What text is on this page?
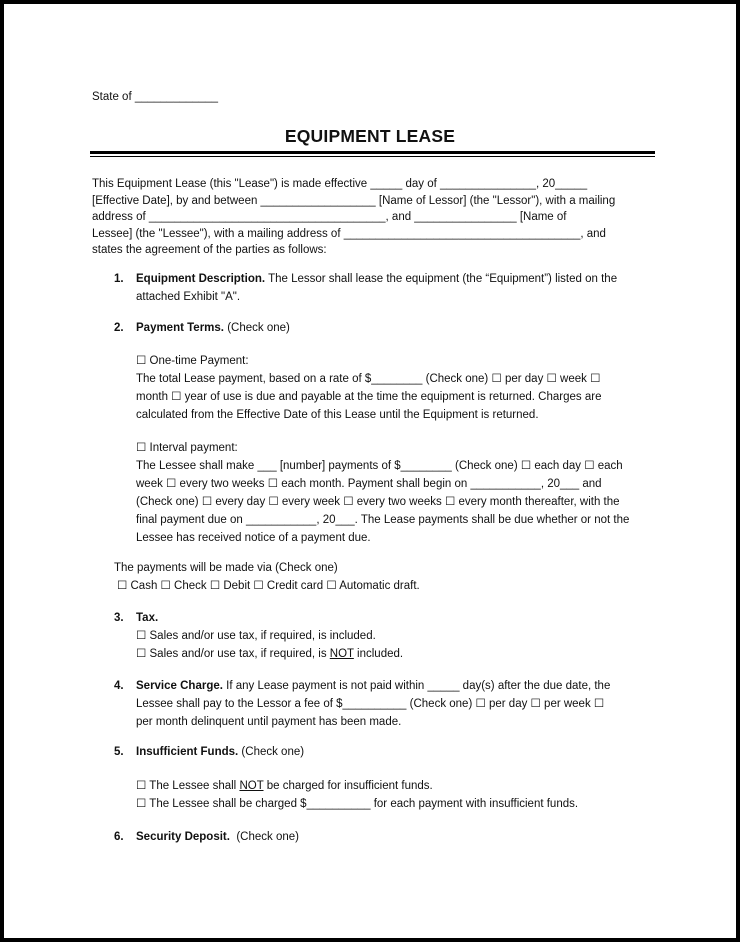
State of _____________
EQUIPMENT LEASE
This Equipment Lease (this "Lease") is made effective _____ day of _______________, 20_____
[Effective Date], by and between __________________ [Name of Lessor] (the "Lessor"), with a mailing
address of _____________________________________, and ________________ [Name of
Lessee] (the "Lessee"), with a mailing address of _____________________________________, and
states the agreement of the parties as follows:
1. Equipment Description. The Lessor shall lease the equipment (the “Equipment”) listed on the
attached Exhibit "A".
2. Payment Terms. (Check one)
☐ One-time Payment:
The total Lease payment, based on a rate of $________ (Check one) ☐ per day ☐ week ☐
month ☐ year of use is due and payable at the time the equipment is returned. Charges are
calculated from the Effective Date of this Lease until the Equipment is returned.
☐ Interval payment:
The Lessee shall make ___ [number] payments of $________ (Check one) ☐ each day ☐ each
week ☐ every two weeks ☐ each month. Payment shall begin on ___________, 20___ and
(Check one) ☐ every day ☐ every week ☐ every two weeks ☐ every month thereafter, with the
final payment due on ___________, 20___. The Lease payments shall be due whether or not the
Lessee has received notice of a payment due.
The payments will be made via (Check one)
☐ Cash ☐ Check ☐ Debit ☐ Credit card ☐ Automatic draft.
3. Tax.
☐ Sales and/or use tax, if required, is included.
☐ Sales and/or use tax, if required, is NOT included.
4. Service Charge. If any Lease payment is not paid within _____ day(s) after the due date, the
Lessee shall pay to the Lessor a fee of $__________ (Check one) ☐ per day ☐ per week ☐
per month delinquent until payment has been made.
5. Insufficient Funds. (Check one)
☐ The Lessee shall NOT be charged for insufficient funds.
☐ The Lessee shall be charged $__________ for each payment with insufficient funds.
6. Security Deposit.  (Check one)
